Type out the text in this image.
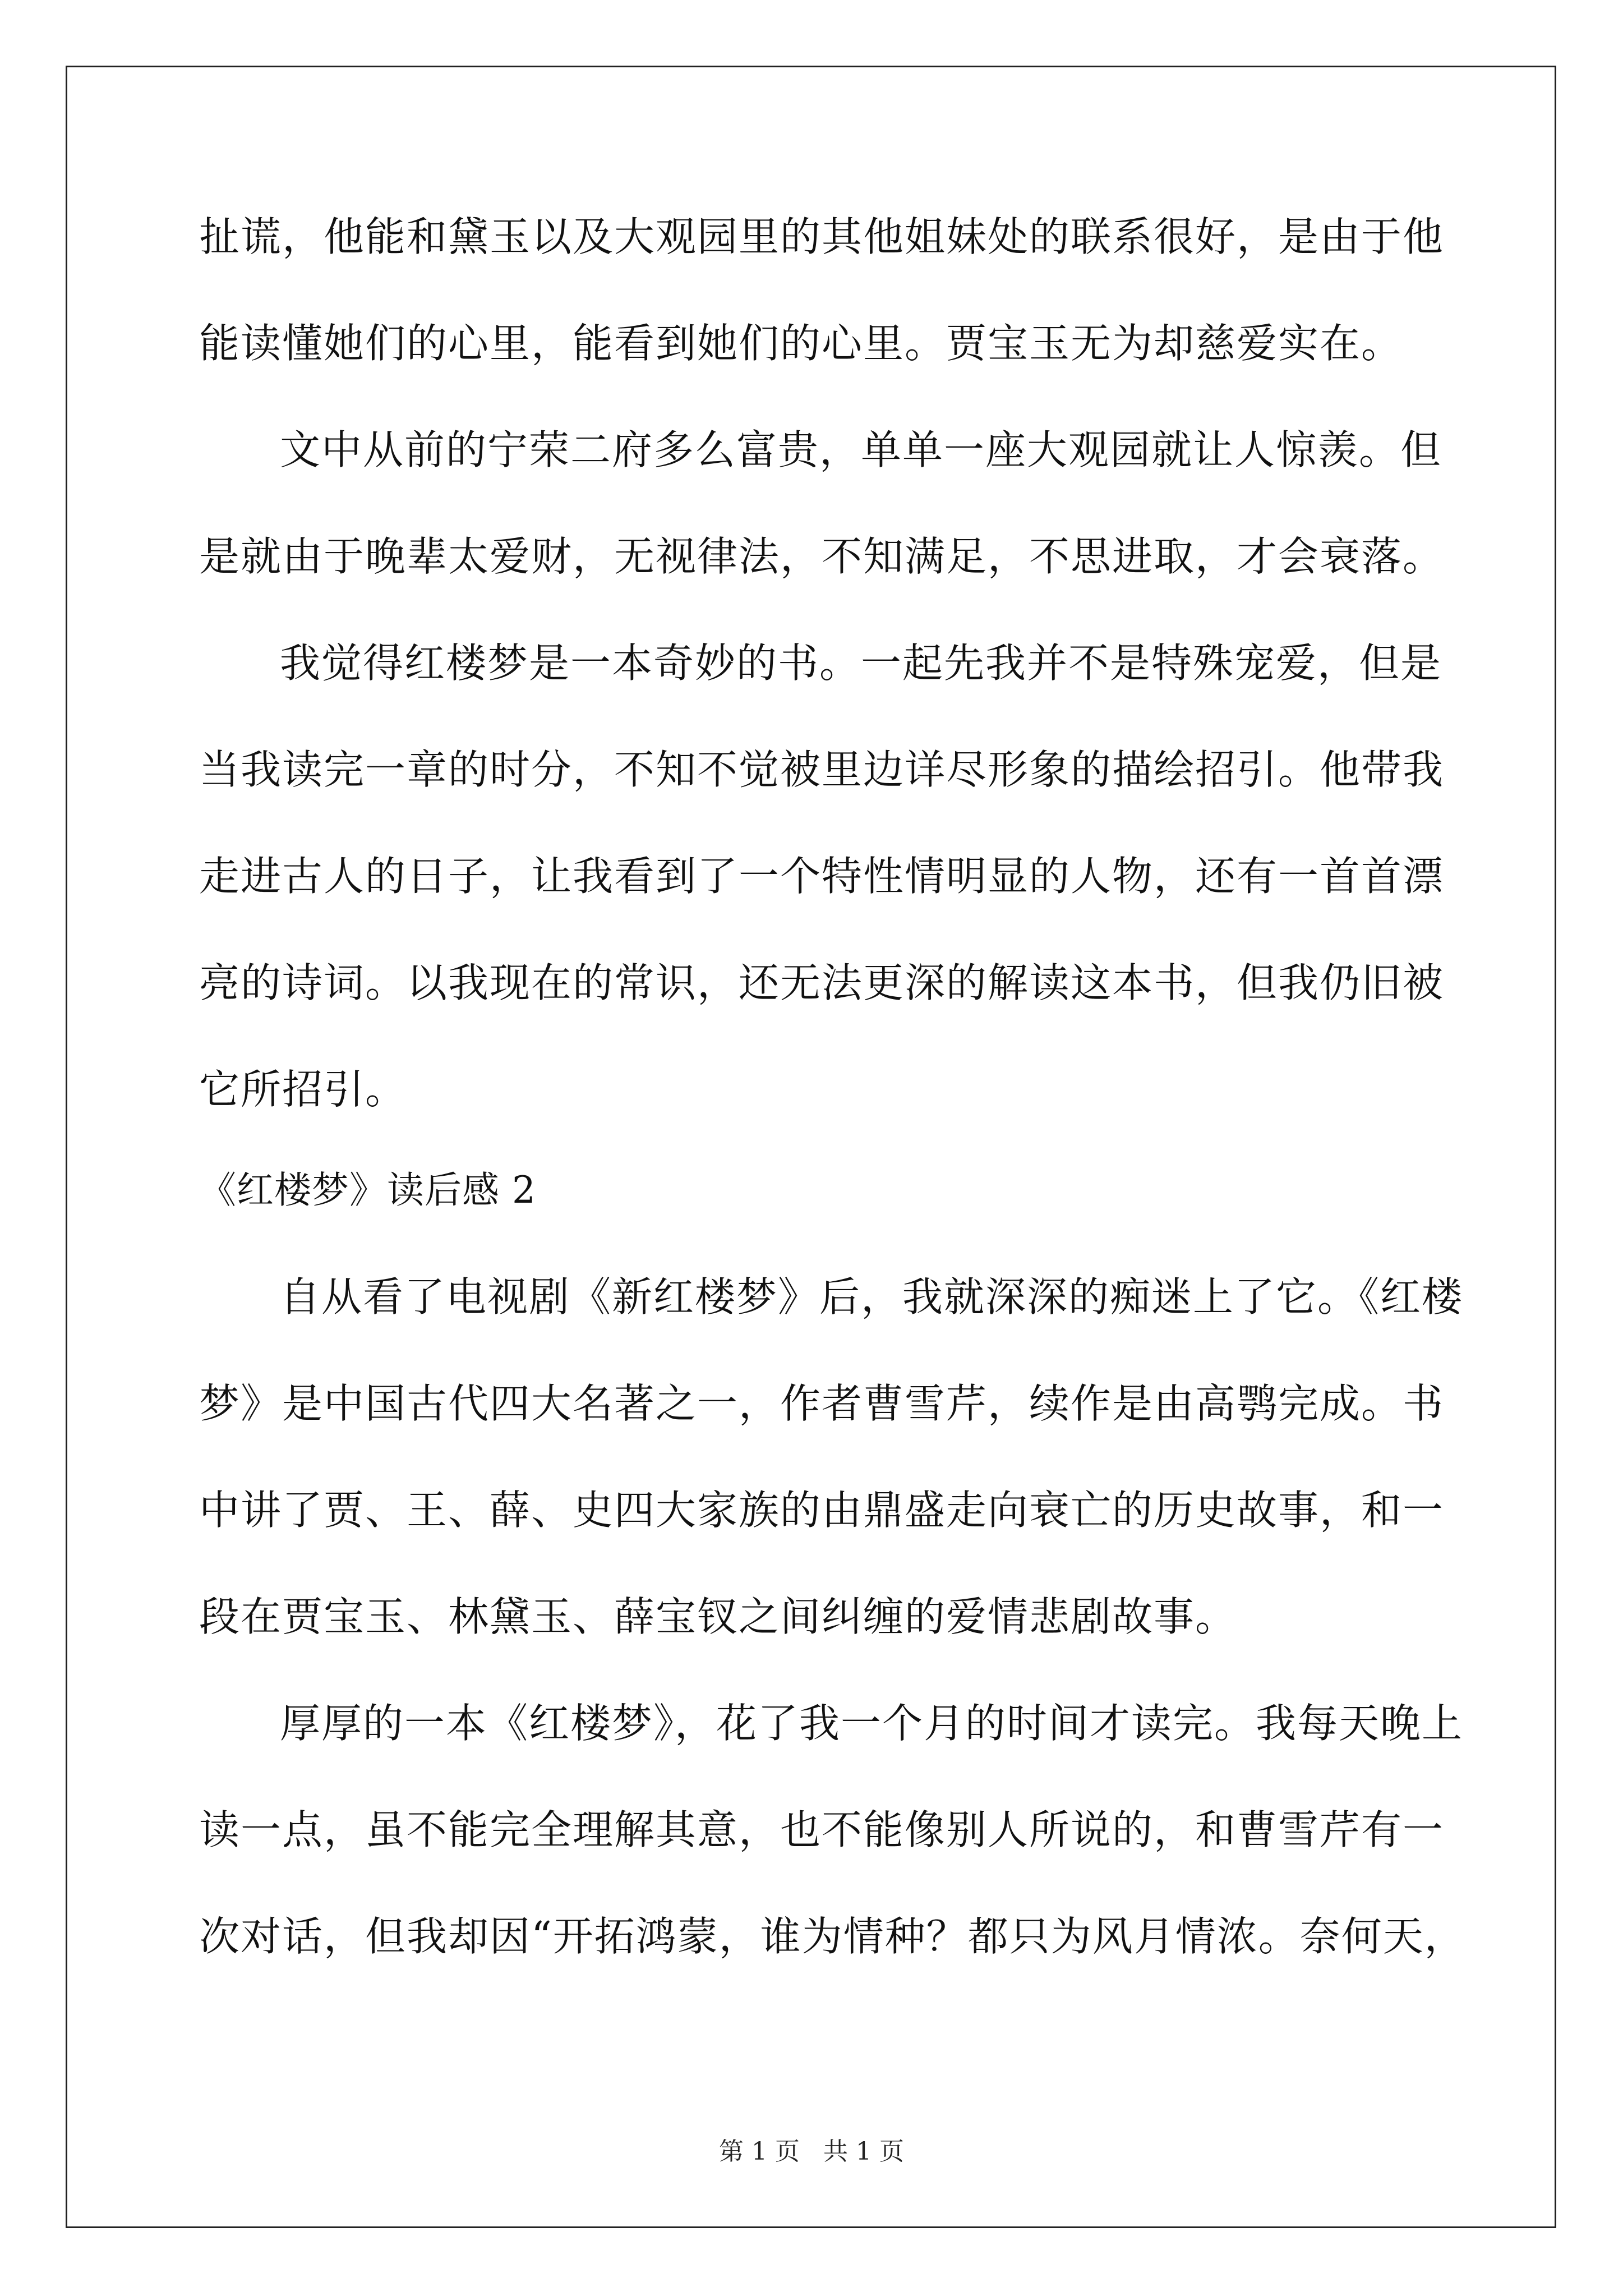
扯谎，他能和黛玉以及大观园里的其他姐妹处的联系很好，是由于他
能读懂她们的心里，能看到她们的心里。贾宝玉无为却慈爱实在。
文中从前的宁荣二府多么富贵，单单一座大观园就让人惊羡。但
是就由于晚辈太爱财，无视律法，不知满足，不思进取，才会衰落。
我觉得红楼梦是一本奇妙的书。一起先我并不是特殊宠爱，但是
当我读完一章的时分，不知不觉被里边详尽形象的描绘招引。他带我
走进古人的日子，让我看到了一个特性情明显的人物，还有一首首漂
亮的诗词。以我现在的常识，还无法更深的解读这本书，但我仍旧被
它所招引。
《红楼梦》读后感 2
自从看了电视剧《新红楼梦》后，我就深深的痴迷上了它。《红楼
梦》是中国古代四大名著之一，作者曹雪芹，续作是由高鹗完成。书
中讲了贾、王、薛、史四大家族的由鼎盛走向衰亡的历史故事，和一
段在贾宝玉、林黛玉、薛宝钗之间纠缠的爱情悲剧故事。
厚厚的一本《红楼梦》，花了我一个月的时间才读完。我每天晚上
读一点，虽不能完全理解其意，也不能像别人所说的，和曹雪芹有一
次对话，但我却因“开拓鸿蒙，谁为情种？都只为风月情浓。奈何天，
第 1 页   共 1 页
